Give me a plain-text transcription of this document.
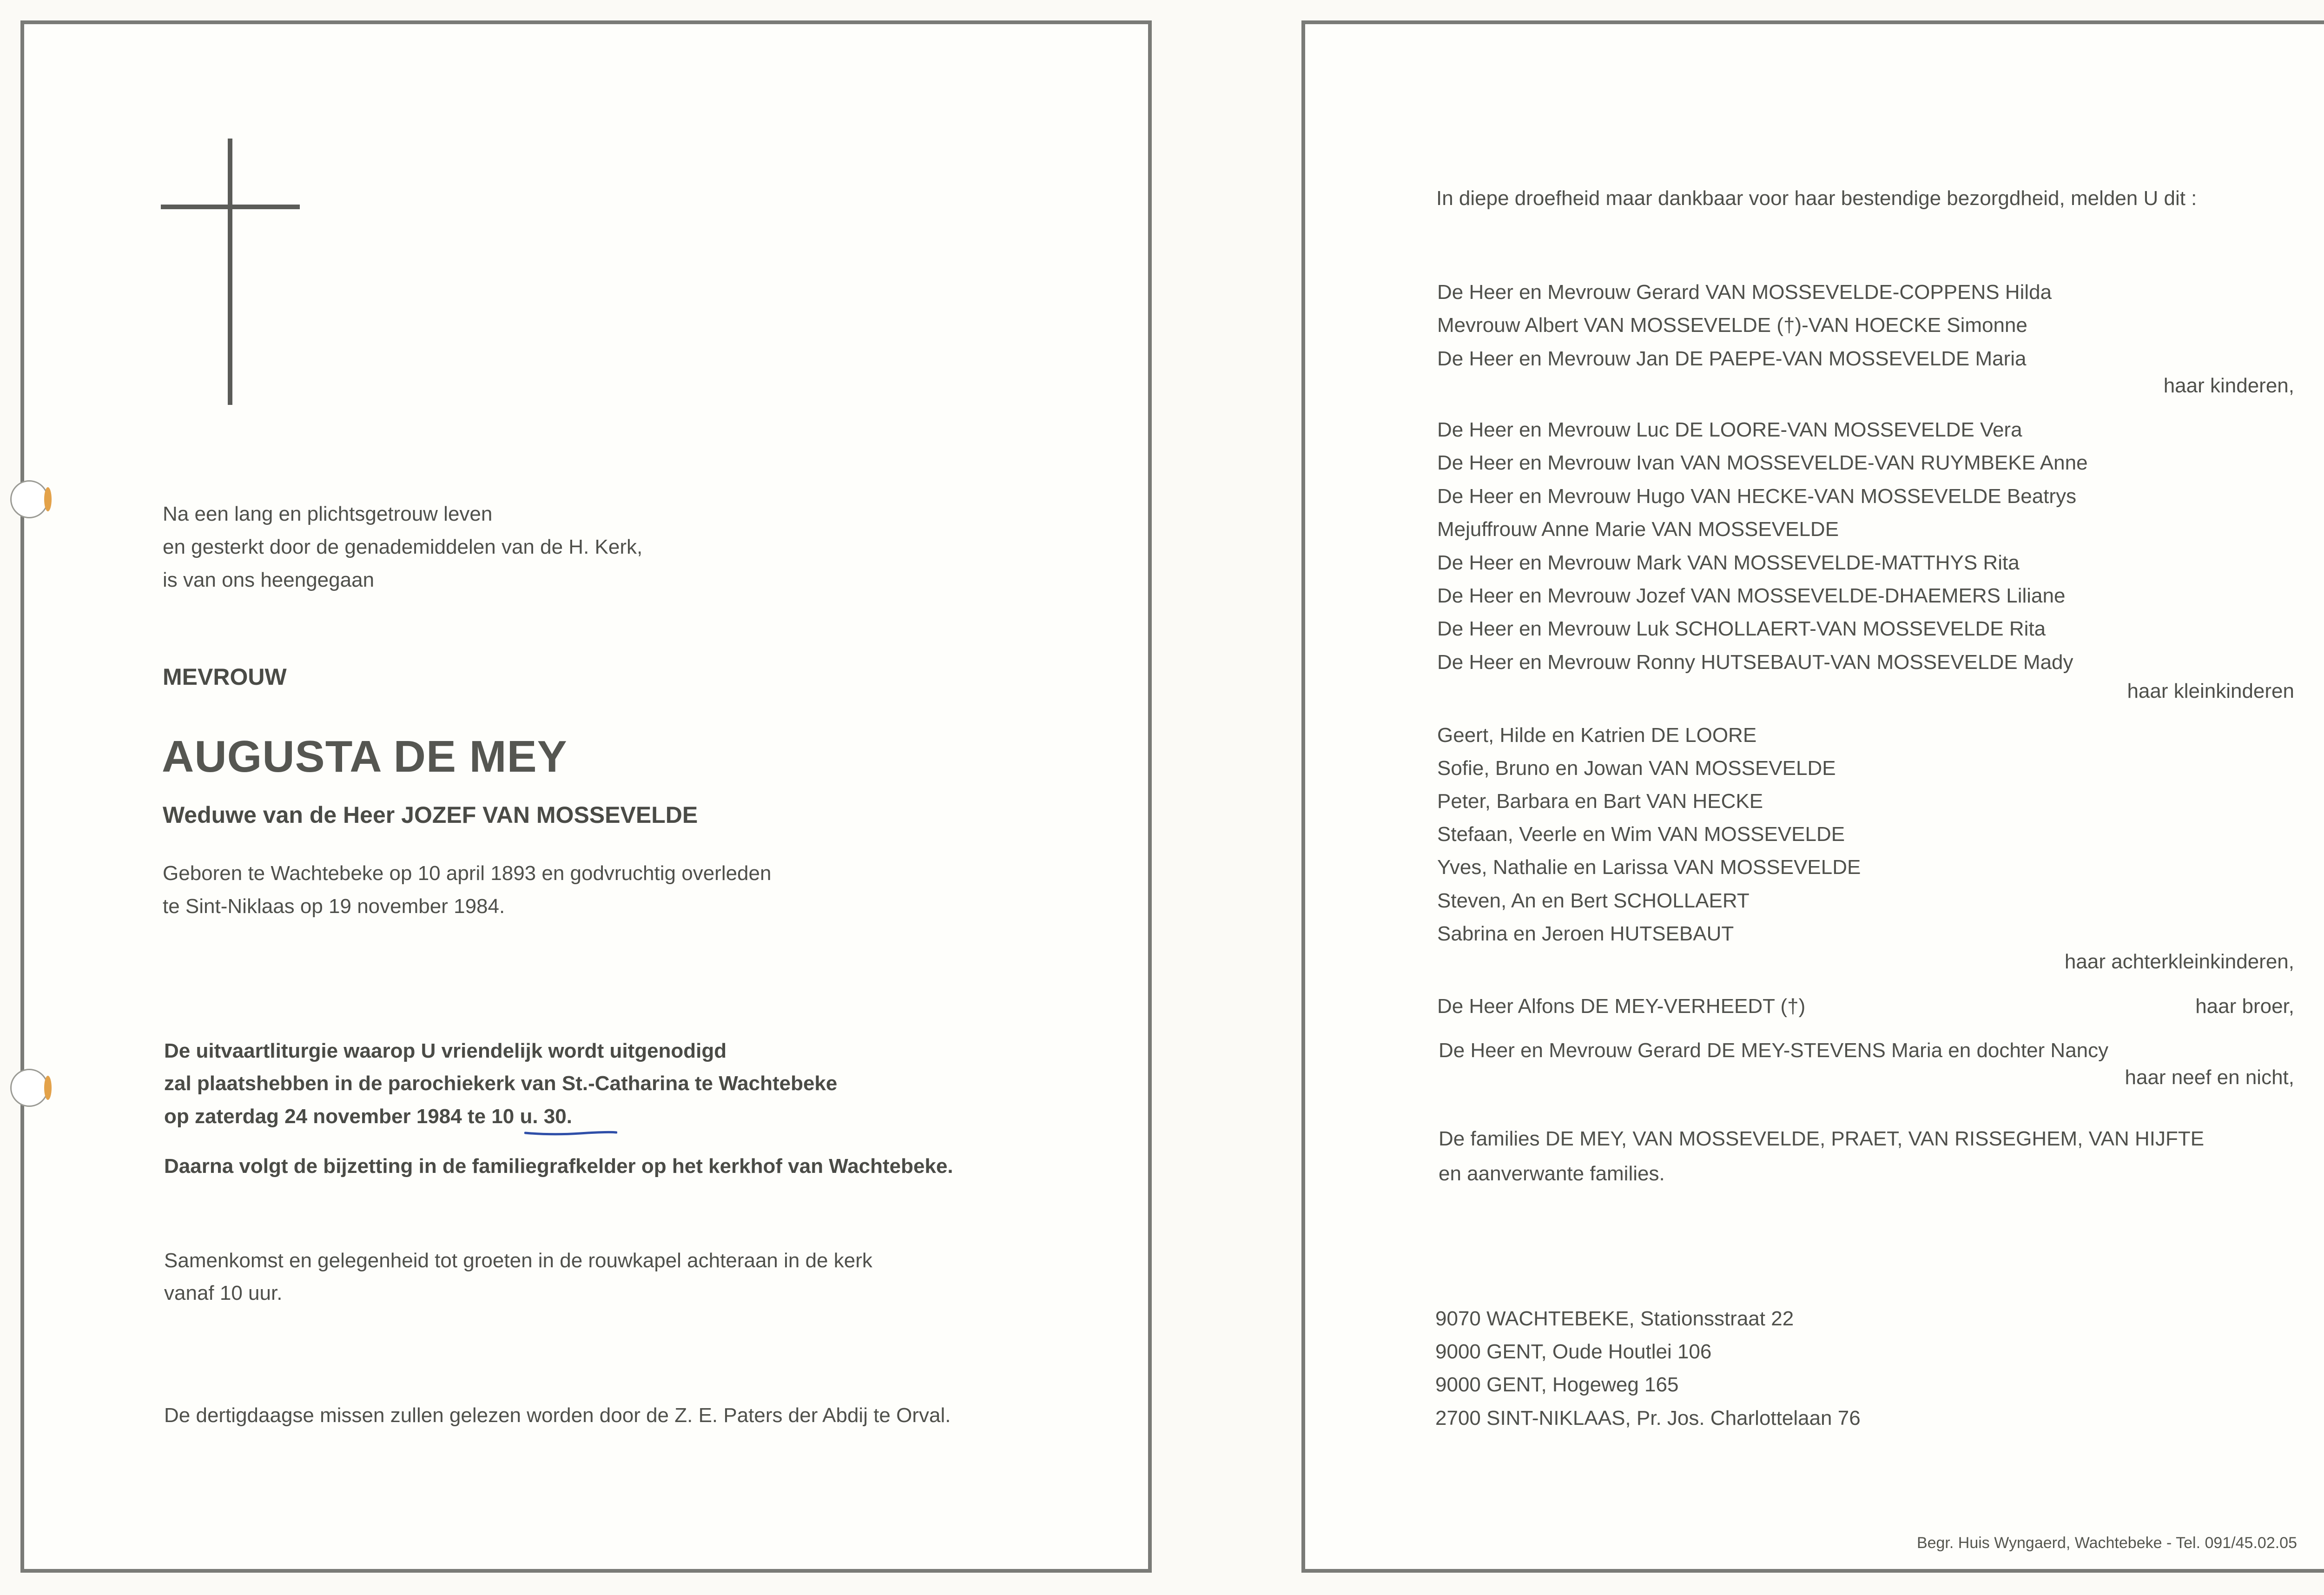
Na een lang en plichtsgetrouw leven
en gesterkt door de genademiddelen van de H. Kerk,
is van ons heengegaan
MEVROUW
AUGUSTA DE MEY
Weduwe van de Heer JOZEF VAN MOSSEVELDE
Geboren te Wachtebeke op 10 april 1893 en godvruchtig overleden
te Sint-Niklaas op 19 november 1984.
De uitvaartliturgie waarop U vriendelijk wordt uitgenodigd
zal plaatshebben in de parochiekerk van St.-Catharina te Wachtebeke
op zaterdag 24 november 1984 te 10 u. 30.
Daarna volgt de bijzetting in de familiegrafkelder op het kerkhof van Wachtebeke.
Samenkomst en gelegenheid tot groeten in de rouwkapel achteraan in de kerk
vanaf 10 uur.
De dertigdaagse missen zullen gelezen worden door de Z. E. Paters der Abdij te Orval.
In diepe droefheid maar dankbaar voor haar bestendige bezorgdheid, melden U dit :
De Heer en Mevrouw Gerard VAN MOSSEVELDE-COPPENS Hilda
Mevrouw Albert VAN MOSSEVELDE (†)-VAN HOECKE Simonne
De Heer en Mevrouw Jan DE PAEPE-VAN MOSSEVELDE Maria
haar kinderen,
De Heer en Mevrouw Luc DE LOORE-VAN MOSSEVELDE Vera
De Heer en Mevrouw Ivan VAN MOSSEVELDE-VAN RUYMBEKE Anne
De Heer en Mevrouw Hugo VAN HECKE-VAN MOSSEVELDE Beatrys
Mejuffrouw Anne Marie VAN MOSSEVELDE
De Heer en Mevrouw Mark VAN MOSSEVELDE-MATTHYS Rita
De Heer en Mevrouw Jozef VAN MOSSEVELDE-DHAEMERS Liliane
De Heer en Mevrouw Luk SCHOLLAERT-VAN MOSSEVELDE Rita
De Heer en Mevrouw Ronny HUTSEBAUT-VAN MOSSEVELDE Mady
haar kleinkinderen
Geert, Hilde en Katrien DE LOORE
Sofie, Bruno en Jowan VAN MOSSEVELDE
Peter, Barbara en Bart VAN HECKE
Stefaan, Veerle en Wim VAN MOSSEVELDE
Yves, Nathalie en Larissa VAN MOSSEVELDE
Steven, An en Bert SCHOLLAERT
Sabrina en Jeroen HUTSEBAUT
haar achterkleinkinderen,
De Heer Alfons DE MEY-VERHEEDT (†)	haar broer,
De Heer en Mevrouw Gerard DE MEY-STEVENS Maria en dochter Nancy
haar neef en nicht,
De families DE MEY, VAN MOSSEVELDE, PRAET, VAN RISSEGHEM, VAN HIJFTE
en aanverwante families.
9070 WACHTEBEKE, Stationsstraat 22
9000 GENT, Oude Houtlei 106
9000 GENT, Hogeweg 165
2700 SINT-NIKLAAS, Pr. Jos. Charlottelaan 76
Begr. Huis Wyngaerd, Wachtebeke - Tel. 091/45.02.05
